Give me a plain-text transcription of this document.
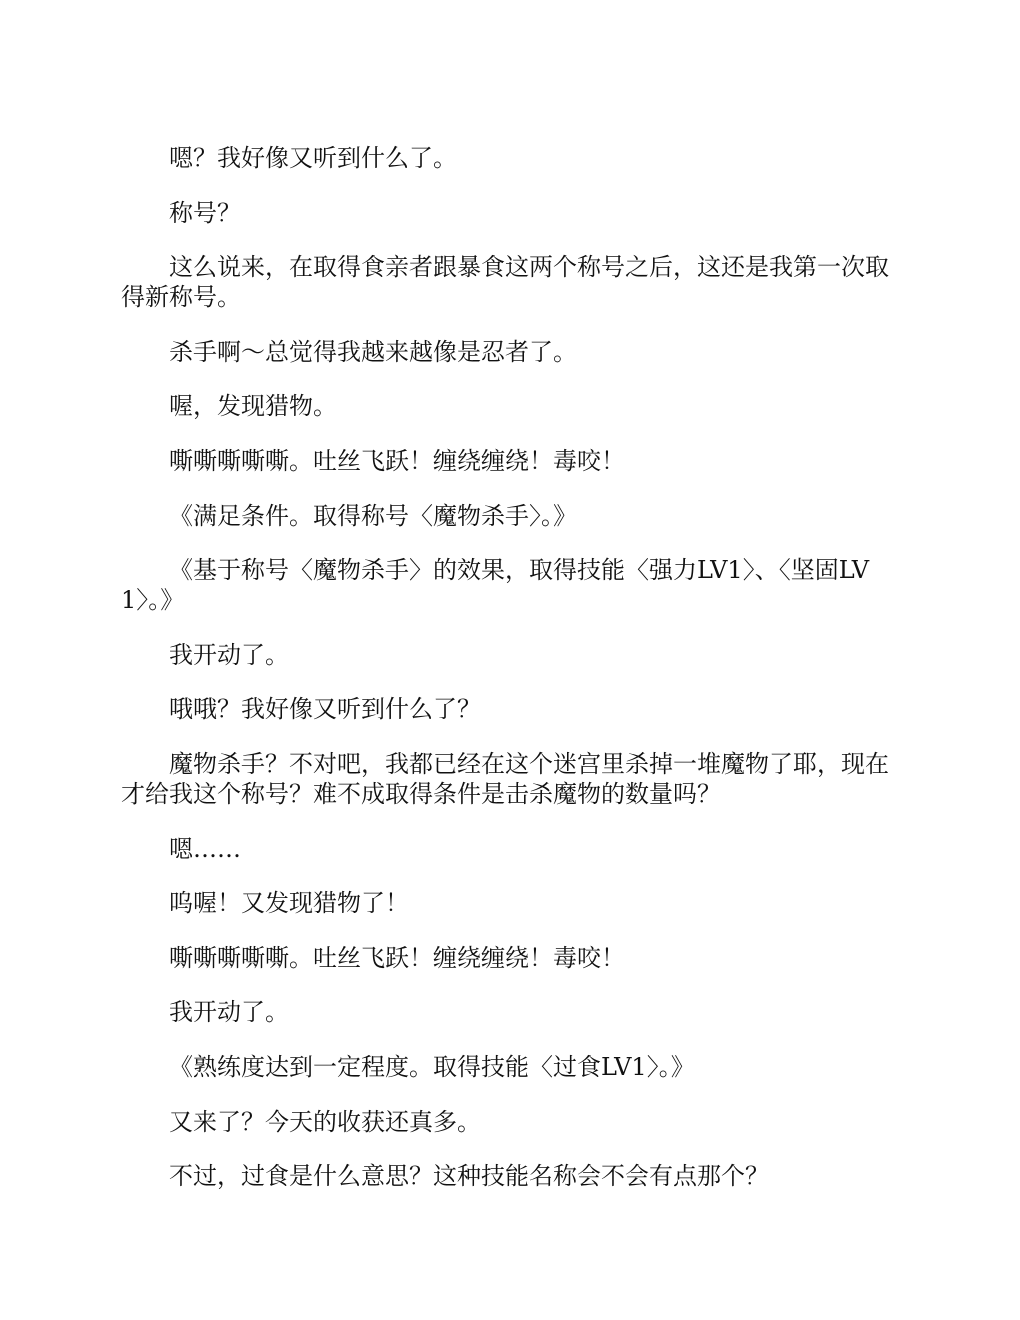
嗯？我好像又听到什么了。

称号？

这么说来，在取得食亲者跟暴食这两个称号之后，这还是我第一次取得新称号。

杀手啊～总觉得我越来越像是忍者了。

喔，发现猎物。

嘶嘶嘶嘶嘶。吐丝飞跃！缠绕缠绕！毒咬！

《满足条件。取得称号〈魔物杀手〉。》

《基于称号〈魔物杀手〉的效果，取得技能〈强力LV1〉、〈坚固LV1〉。》

我开动了。

哦哦？我好像又听到什么了？

魔物杀手？不对吧，我都已经在这个迷宫里杀掉一堆魔物了耶，现在才给我这个称号？难不成取得条件是击杀魔物的数量吗？

嗯……

呜喔！又发现猎物了！

嘶嘶嘶嘶嘶。吐丝飞跃！缠绕缠绕！毒咬！

我开动了。

《熟练度达到一定程度。取得技能〈过食LV1〉。》

又来了？今天的收获还真多。

不过，过食是什么意思？这种技能名称会不会有点那个？
